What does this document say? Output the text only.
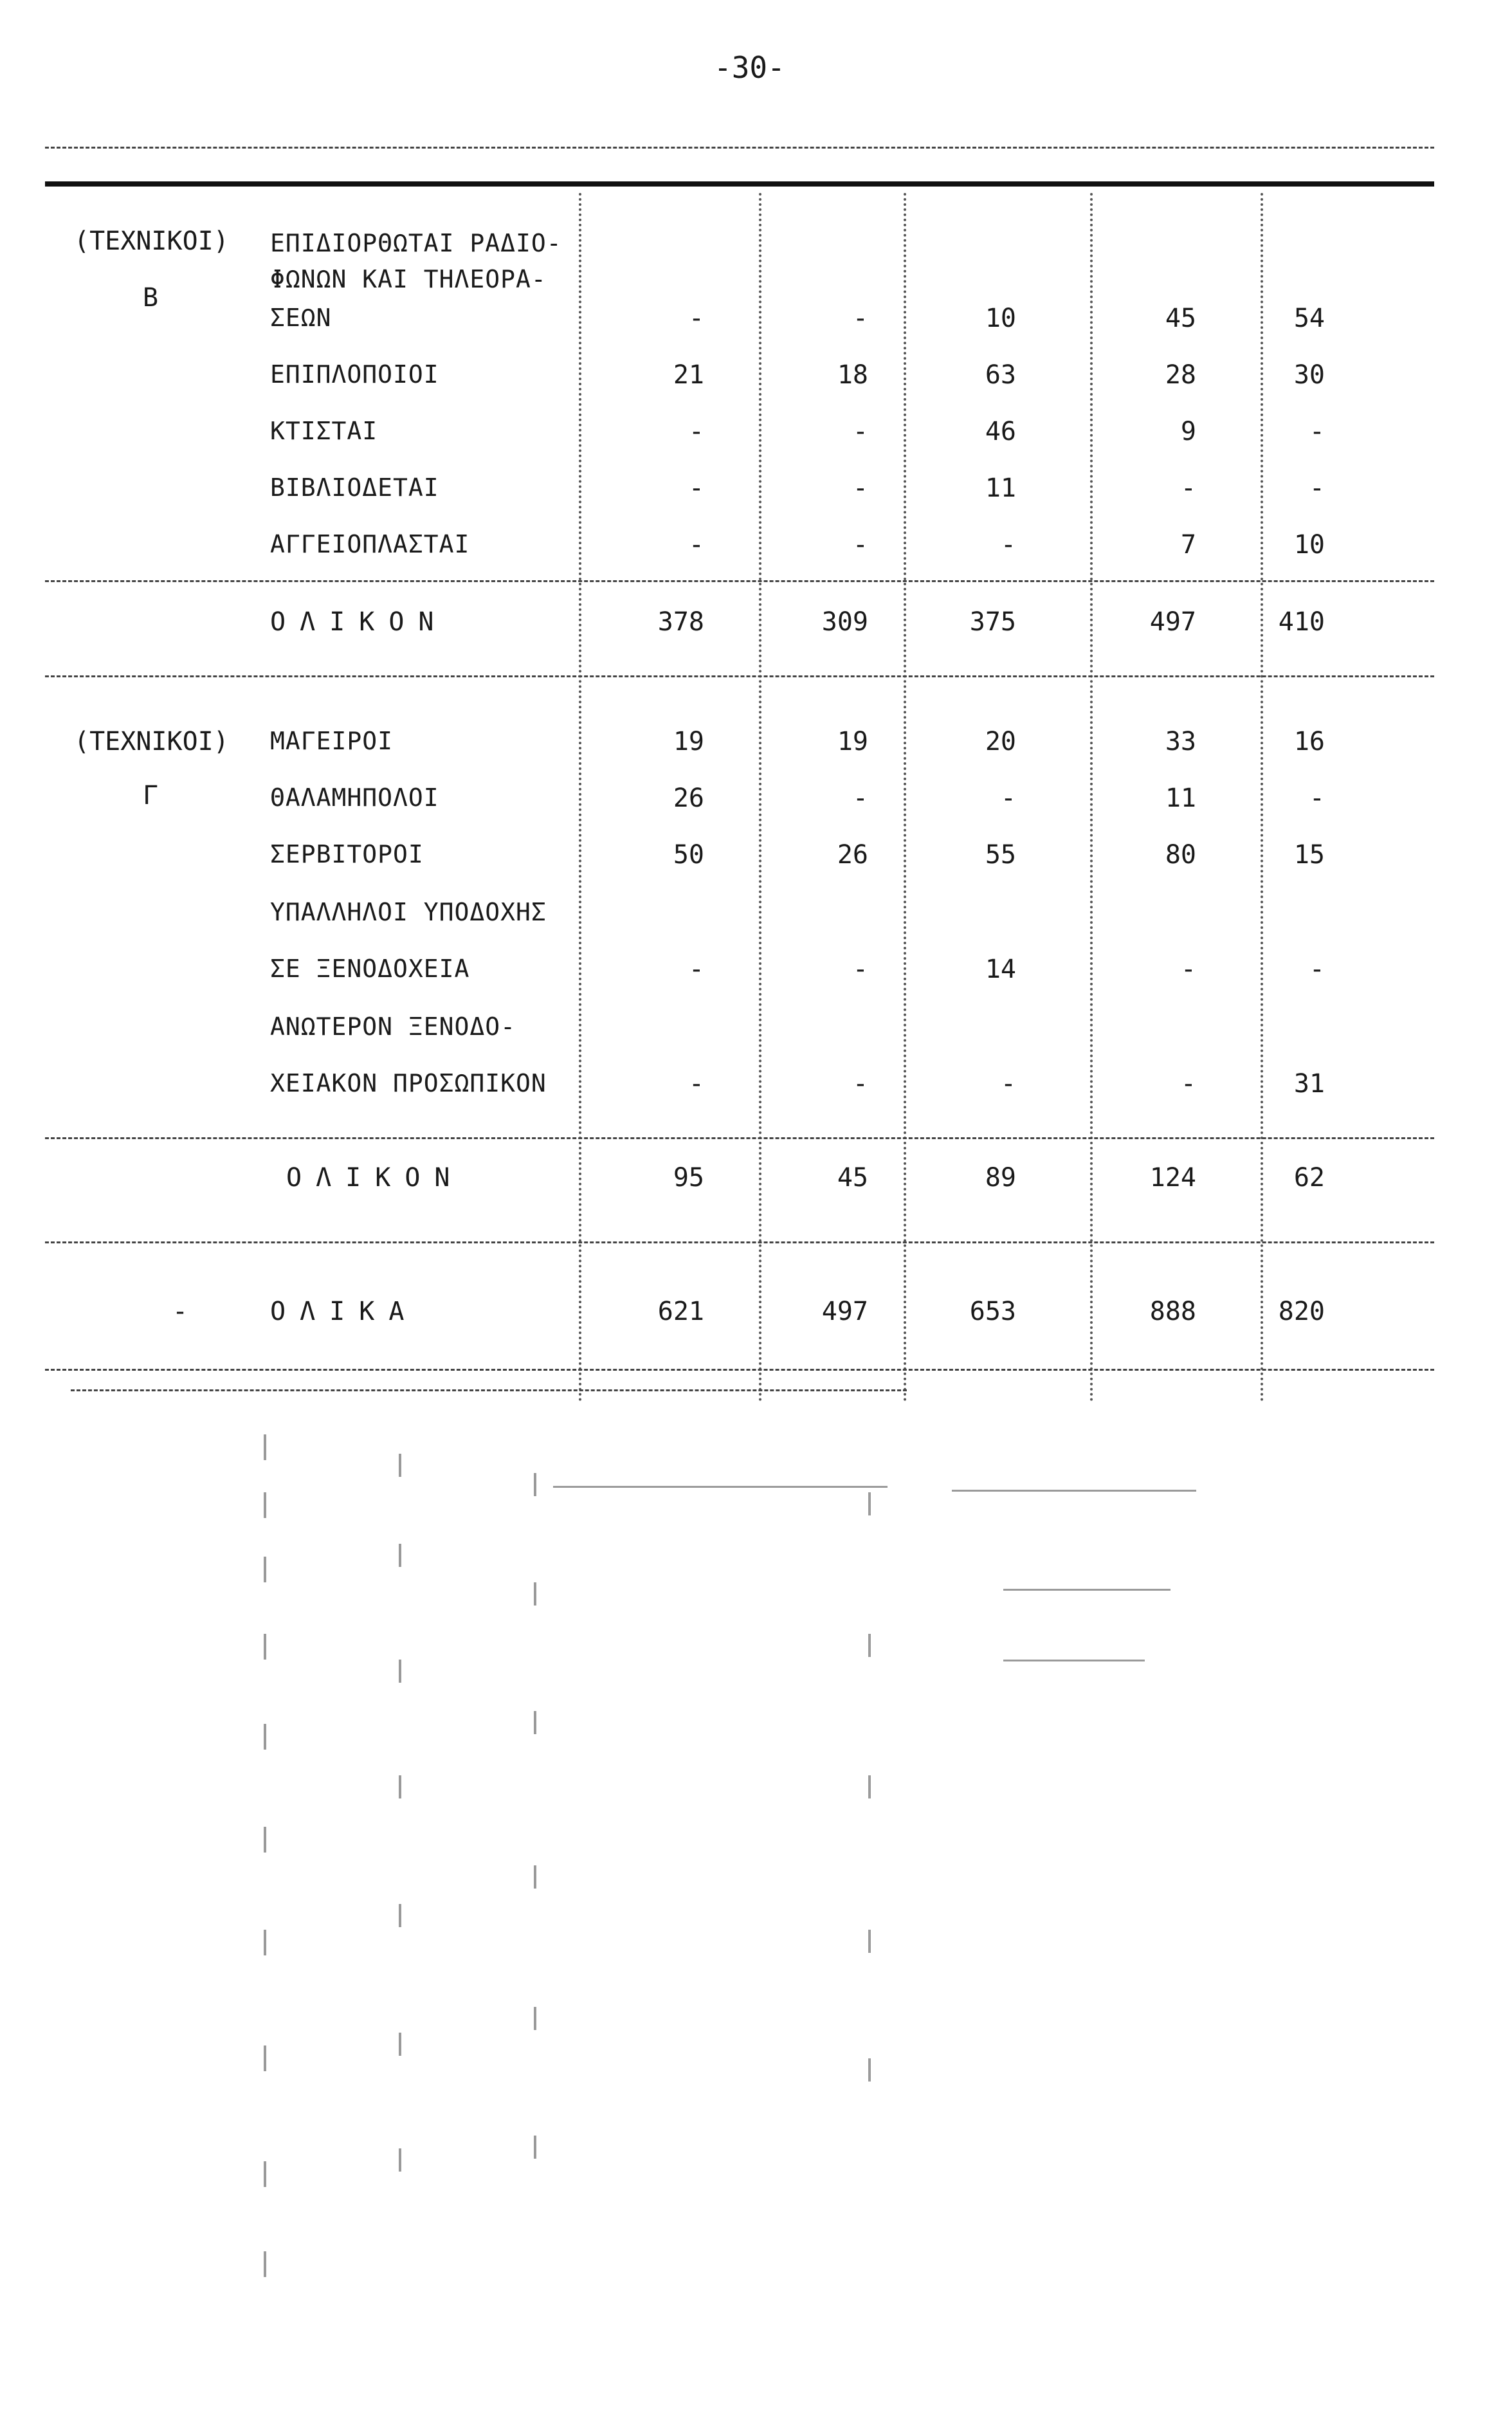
-30-
(ΤΕΧΝΙΚΟΙ)
Β
ΕΠΙΔΙΟΡΘΩΤΑΙ ΡΑΔΙΟ-
ΦΩΝΩΝ ΚΑΙ ΤΗΛΕΟΡΑ-
ΣΕΩΝ	-	-	10	45	54
ΕΠΙΠΛΟΠΟΙΟΙ	21	18	63	28	30
ΚΤΙΣΤΑΙ	-	-	46	9	-
ΒΙΒΛΙΟΔΕΤΑΙ	-	-	11	-	-
ΑΓΓΕΙΟΠΛΑΣΤΑΙ	-	-	-	7	10
ΟΛΙΚΟΝ	378	309	375	497	410
(ΤΕΧΝΙΚΟΙ)
Γ
ΜΑΓΕΙΡΟΙ	19	19	20	33	16
ΘΑΛΑΜΗΠΟΛΟΙ	26	-	-	11	-
ΣΕΡΒΙΤΟΡΟΙ	50	26	55	80	15
ΥΠΑΛΛΗΛΟΙ ΥΠΟΔΟΧΗΣ
ΣΕ ΞΕΝΟΔΟΧΕΙΑ	-	-	14	-	-
ΑΝΩΤΕΡΟΝ ΞΕΝΟΔΟ-
ΧΕΙΑΚΟΝ ΠΡΟΣΩΠΙΚΟΝ	-	-	-	-	31
ΟΛΙΚΟΝ	95	45	89	124	62
-	ΟΛΙΚΑ	621	497	653	888	820
